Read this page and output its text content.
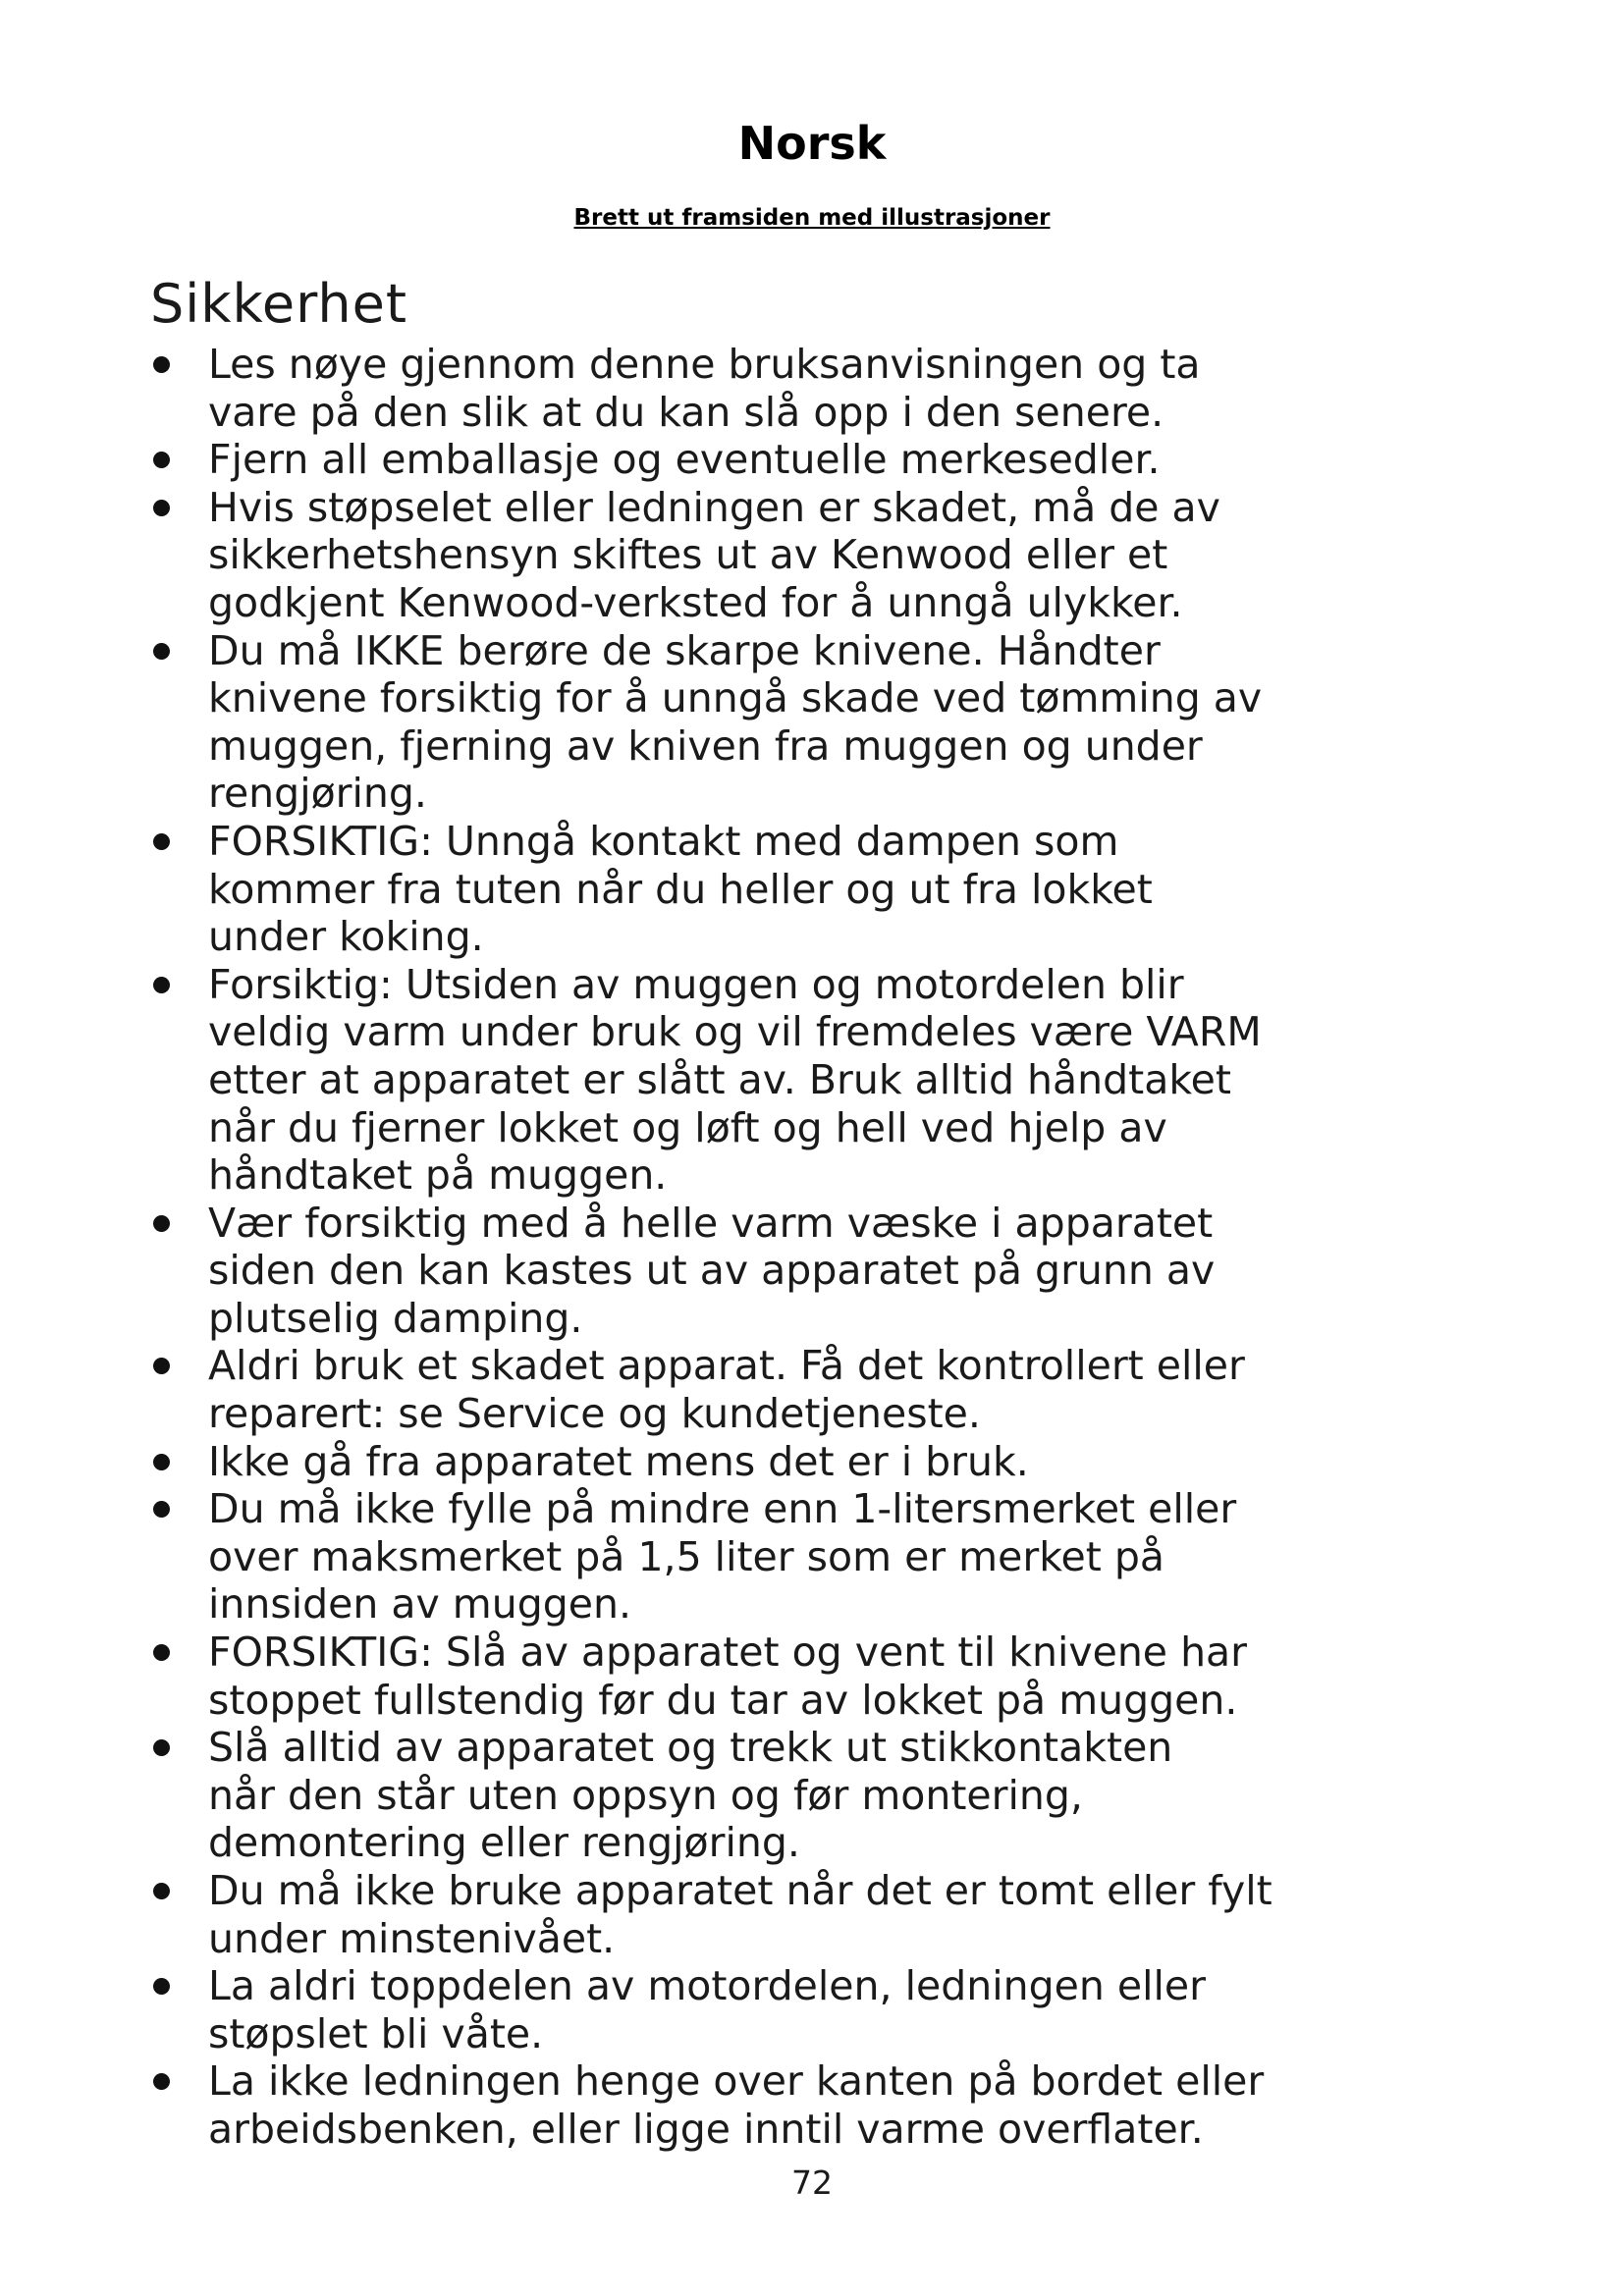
Norsk
Brett ut framsiden med illustrasjoner
Sikkerhet
Les nøye gjennom denne bruksanvisningen og ta
vare på den slik at du kan slå opp i den senere.
Fjern all emballasje og eventuelle merkesedler.
Hvis støpselet eller ledningen er skadet, må de av
sikkerhetshensyn skiftes ut av Kenwood eller et
godkjent Kenwood-verksted for å unngå ulykker.
Du må IKKE berøre de skarpe knivene. Håndter
knivene forsiktig for å unngå skade ved tømming av
muggen, fjerning av kniven fra muggen og under
rengjøring.
FORSIKTIG: Unngå kontakt med dampen som
kommer fra tuten når du heller og ut fra lokket
under koking.
Forsiktig: Utsiden av muggen og motordelen blir
veldig varm under bruk og vil fremdeles være VARM
etter at apparatet er slått av. Bruk alltid håndtaket
når du fjerner lokket og løft og hell ved hjelp av
håndtaket på muggen.
Vær forsiktig med å helle varm væske i apparatet
siden den kan kastes ut av apparatet på grunn av
plutselig damping.
Aldri bruk et skadet apparat. Få det kontrollert eller
reparert: se Service og kundetjeneste.
Ikke gå fra apparatet mens det er i bruk.
Du må ikke fylle på mindre enn 1-litersmerket eller
over maksmerket på 1,5 liter som er merket på
innsiden av muggen.
FORSIKTIG: Slå av apparatet og vent til knivene har
stoppet fullstendig før du tar av lokket på muggen.
Slå alltid av apparatet og trekk ut stikkontakten
når den står uten oppsyn og før montering,
demontering eller rengjøring.
Du må ikke bruke apparatet når det er tomt eller fylt
under minstenivået.
La aldri toppdelen av motordelen, ledningen eller
støpslet bli våte.
La ikke ledningen henge over kanten på bordet eller
arbeidsbenken, eller ligge inntil varme overflater.
72
